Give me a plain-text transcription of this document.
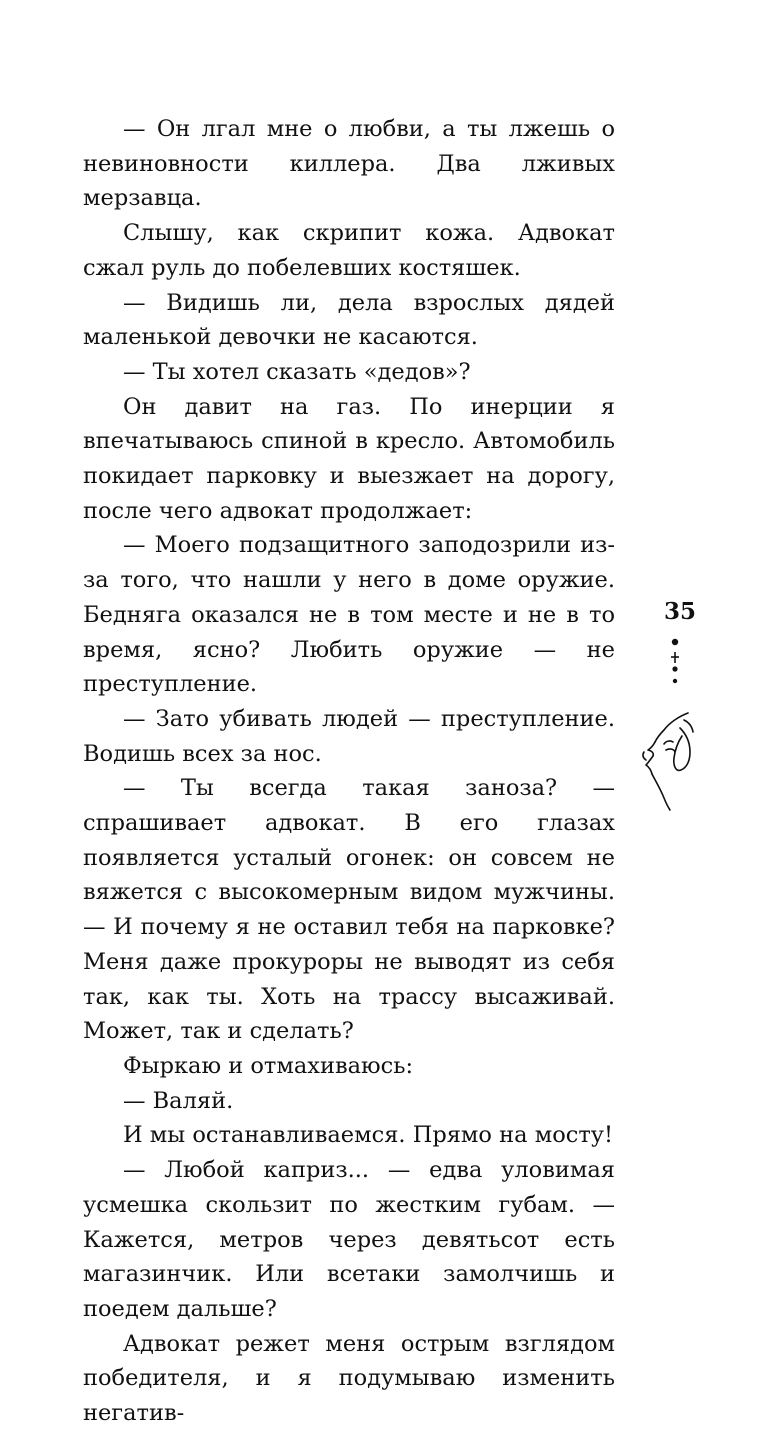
— Он лгал мне о любви, а ты лжешь о невиновности киллера. Два лживых мерзавца.

Слышу, как скрипит кожа. Адвокат сжал руль до побелевших костяшек.

— Видишь ли, дела взрослых дядей маленькой девочки не касаются.

— Ты хотел сказать «дедов»?

Он давит на газ. По инерции я впечатываюсь спиной в кресло. Автомобиль покидает парковку и выезжает на дорогу, после чего адвокат продолжает:

— Моего подзащитного заподозрили из-за того, что нашли у него в доме оружие. Бедняга оказался не в том месте и не в то время, ясно? Любить оружие — не преступление.

— Зато убивать людей — преступление. Водишь всех за нос.

— Ты всегда такая заноза? — спрашивает адвокат. В его глазах появляется усталый огонек: он совсем не вяжется с высокомерным видом мужчины. — И почему я не оставил тебя на парковке? Меня даже прокуроры не выводят из себя так, как ты. Хоть на трассу высаживай. Может, так и сделать?

Фыркаю и отмахиваюсь:

— Валяй.

И мы останавливаемся. Прямо на мосту!

— Любой каприз... — едва уловимая усмешка скользит по жестким губам. — Кажется, метров через девятьсот есть магазинчик. Или всетаки замолчишь и поедем дальше?

Адвокат режет меня острым взглядом победителя, и я подумываю изменить негатив-

35
